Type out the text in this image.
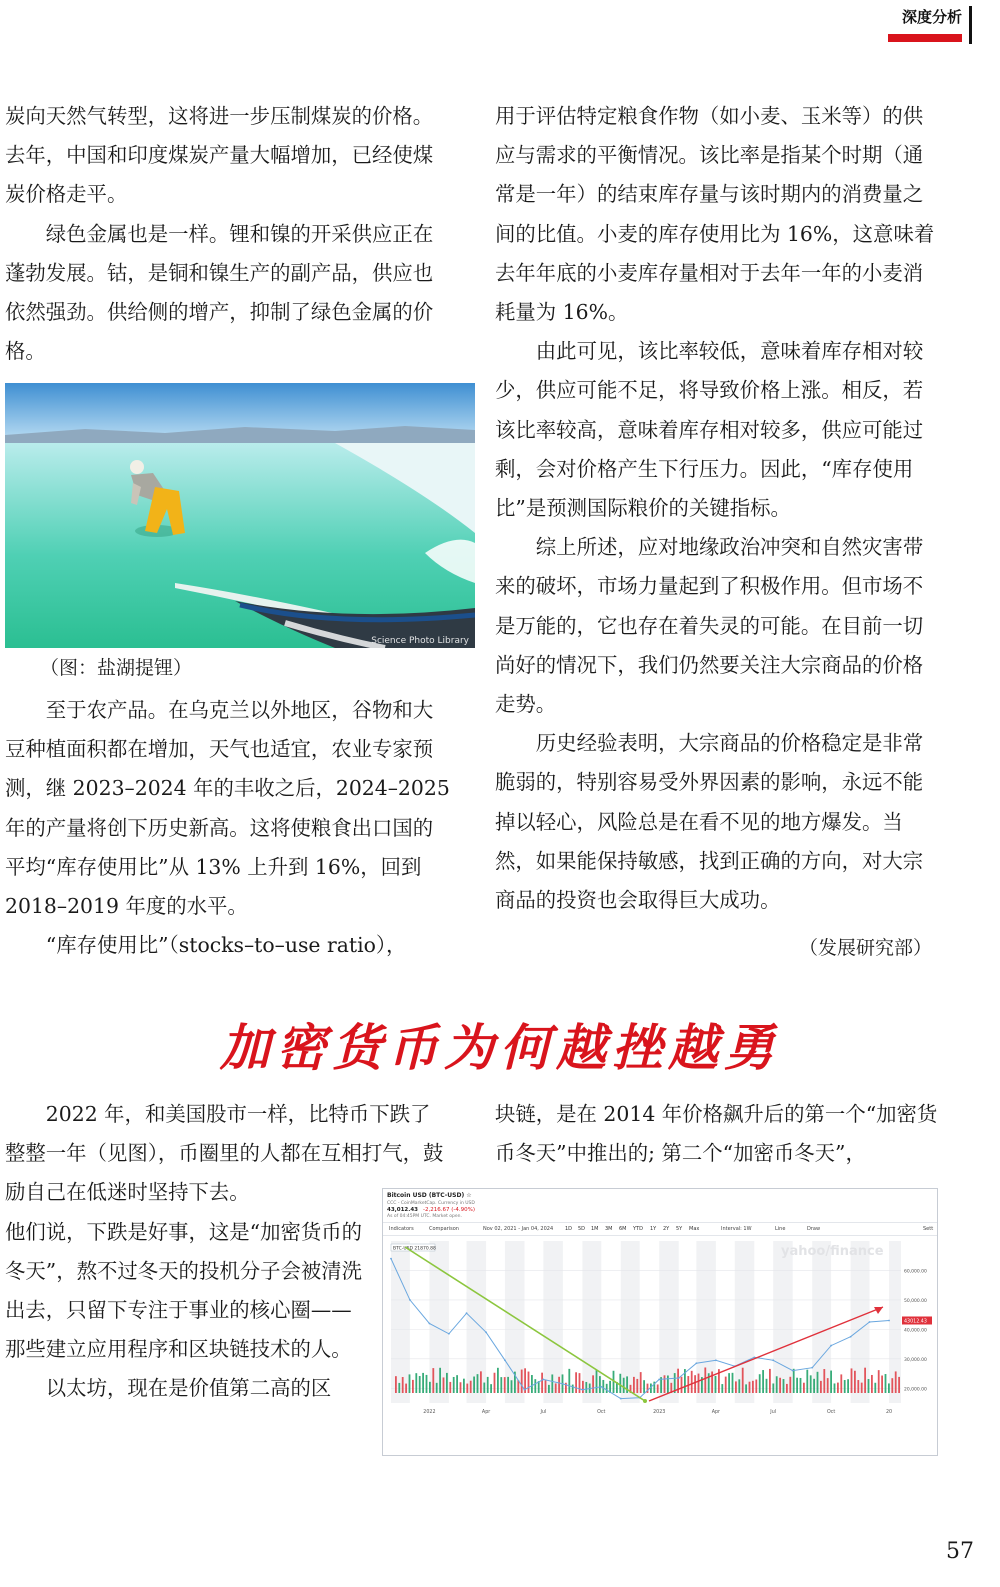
深度分析

炭向天然气转型，这将进一步压制煤炭的价格。去年，中国和印度煤炭产量大幅增加，已经使煤炭价格走平。

绿色金属也是一样。锂和镍的开采供应正在蓬勃发展。钴，是铜和镍生产的副产品，供应也依然强劲。供给侧的增产，抑制了绿色金属的价格。

Science Photo Library
（图：盐湖提锂）

至于农产品。在乌克兰以外地区，谷物和大豆种植面积都在增加，天气也适宜，农业专家预测，继 2023–2024 年的丰收之后，2024–2025 年的产量将创下历史新高。这将使粮食出口国的平均“库存使用比”从 13% 上升到 16%，回到 2018–2019 年度的水平。

“库存使用比”（stocks–to–use ratio），

用于评估特定粮食作物（如小麦、玉米等）的供应与需求的平衡情况。该比率是指某个时期（通常是一年）的结束库存量与该时期内的消费量之间的比值。小麦的库存使用比为 16%，这意味着去年年底的小麦库存量相对于去年一年的小麦消耗量为 16%。

由此可见，该比率较低，意味着库存相对较少，供应可能不足，将导致价格上涨。相反，若该比率较高，意味着库存相对较多，供应可能过剩，会对价格产生下行压力。因此，“库存使用比”是预测国际粮价的关键指标。

综上所述，应对地缘政治冲突和自然灾害带来的破坏，市场力量起到了积极作用。但市场不是万能的，它也存在着失灵的可能。在目前一切尚好的情况下，我们仍然要关注大宗商品的价格走势。

历史经验表明，大宗商品的价格稳定是非常脆弱的，特别容易受外界因素的影响，永远不能掉以轻心，风险总是在看不见的地方爆发。当然，如果能保持敏感，找到正确的方向，对大宗商品的投资也会取得巨大成功。

（发展研究部）
加密货币为何越挫越勇

2022 年，和美国股市一样，比特币下跌了整整一年（见图），币圈里的人都在互相打气，鼓励自己在低迷时坚持下去。

他们说，下跌是好事，这是“加密货币的冬天”，熬不过冬天的投机分子会被清洗出去，只留下专注于事业的核心圈——那些建立应用程序和区块链技术的人。

以太坊，现在是价值第二高的区

块链，是在 2014 年价格飙升后的第一个“加密货币冬天”中推出的; 第二个“加密币冬天”，

Bitcoin USD (BTC-USD) ☆
CCC - CoinMarketCap. Currency in USD
43,012.43 -2,216.67 (-4.90%)
As of 04:45PM UTC. Market open.
Indicators	Comparison	Nov 02, 2021 - Jan 04, 2024 1D 5D 1M 3M 6M YTD 1Y 2Y 5Y Max	Interval: 1W	Line	Draw	Sett
60,000.00
50,000.00
40,000.00
30,000.00
20,000.00
yahoo/finance
BTC-USD 21870.88
43012.43
2022	Apr	Jul	Oct	2023	Apr	Jul	Oct	20
57
